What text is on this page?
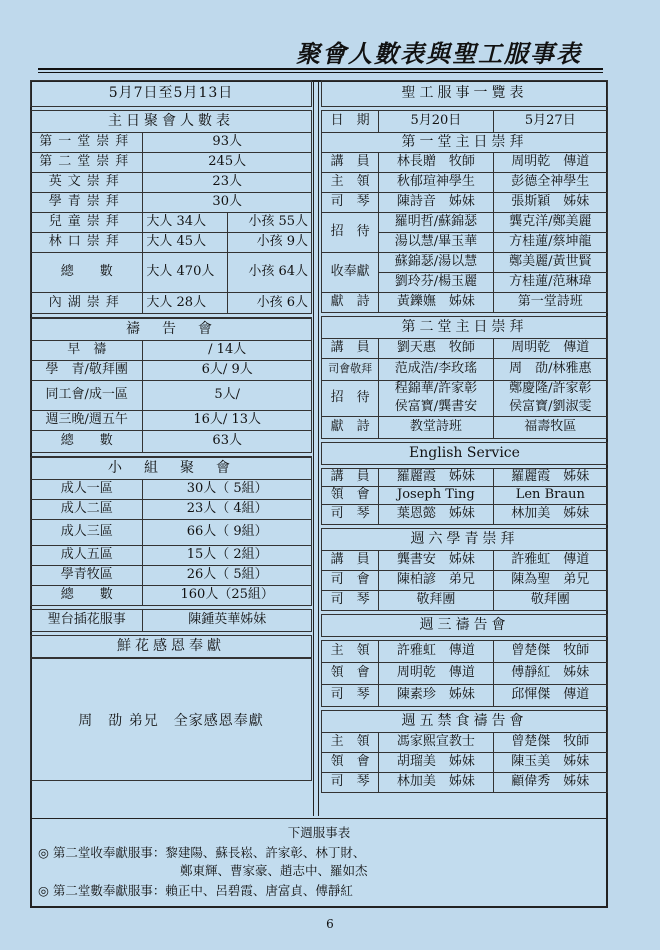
聚會人數表與聖工服事表
5月7日至5月13日		

主日聚會人數表		
第一堂崇拜	93人	
第二堂崇拜	245人	
英文崇拜	23人	
學青崇拜	30人	
兒童崇拜	大人 34人	小孩 55人
林口崇拜	大人 45人	小孩 9人
總　　數	大人 470人	小孩 64人
內湖崇拜	大人 28人	小孩 6人

禱　告　會	
早　禱	/ 14人
學　青/敬拜團	6人/ 9人
同工會/成一區	5人/
週三晚/週五午	16人/ 13人
總　　數	63人

小　組　聚　會	
成人一區	30人（ 5組）
成人二區	23人（ 4組）
成人三區	66人（ 9組）
成人五區	15人（ 2組）
學青牧區	26人（ 5組）
總　　數	160人（25組）

聖台插花服事	陳鍾英華姊妹

鮮花感恩奉獻	
周　劭 弟兄　全家感恩奉獻
聖工服事一覽表		

日　期	5月20日	5月27日
第一堂主日崇拜		
講　員	林長贈　牧師	周明乾　傳道
主　領	秋郁瑄神學生	彭德全神學生
司　琴	陳詩音　姊妹	張斯穎　姊妹
招　待	羅明哲/蘇錦瑟	龔克洋/鄭美麗
	湯以慧/畢玉華	方桂蓮/蔡坤龍
收奉獻	蘇錦瑟/湯以慧	鄭美麗/黃世賢
	劉玲芬/楊玉麗	方桂蓮/范琳瑋
獻　詩	黃鑠嫵　姊妹	第一堂詩班

第二堂主日崇拜		
講　員	劉天惠　牧師	周明乾　傳道
司會敬拜	范成浩/李玫瑤	周　劭/林雅惠
招　待	程錦華/許家彰	鄭慶隆/許家彰
	侯富寶/龔書安	侯富寶/劉淑雯
獻　詩	教堂詩班	福壽牧區

English Service		

講　員	羅麗霞　姊妹	羅麗霞　姊妹
領　會	Joseph Ting	Len Braun
司　琴	葉恩懿　姊妹	林加美　姊妹

週六學青崇拜		
講　員	龔書安　姊妹	許雅虹　傳道
司　會	陳柏諺　弟兄	陳為聖　弟兄
司　琴	敬拜團	敬拜團

週三禱告會		

主　領	許雅虹　傳道	曾楚傑　牧師
領　會	周明乾　傳道	傅靜紅　姊妹
司　琴	陳素珍　姊妹	邱惲傑　傳道

週五禁食禱告會		
主　領	馮家熙宣教士	曾楚傑　牧師
領　會	胡瑠美　姊妹	陳玉美　姊妹
司　琴	林加美　姊妹	顧偉秀　姊妹
下週服事表
◎ 第二堂收奉獻服事：黎建陽、蘇長崧、許家彰、林丁財、
鄭東輝、曹家豪、趙志中、羅如杰
◎ 第二堂數奉獻服事：賴正中、呂碧霞、唐富貞、傅靜紅
6
